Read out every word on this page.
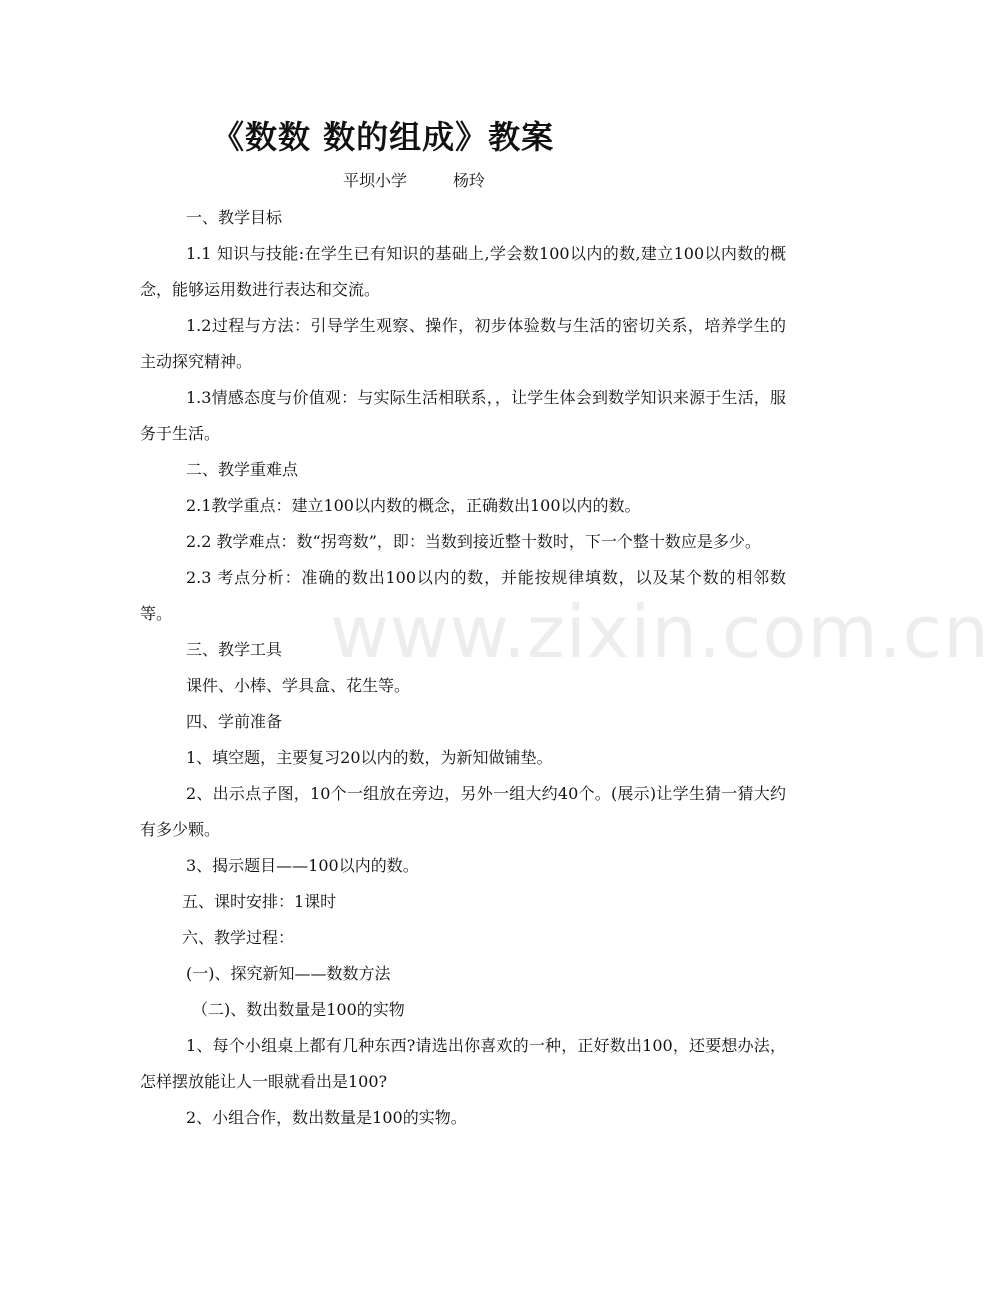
www.zixin.com.cn
《数数 数的组成》教案
平坝小学	杨玲

一、教学目标

1.1 知识与技能:在学生已有知识的基础上,学会数100以内的数,建立100以内数的概念，能够运用数进行表达和交流。

1.2过程与方法：引导学生观察、操作，初步体验数与生活的密切关系，培养学生的主动探究精神。

1.3情感态度与价值观：与实际生活相联系，，让学生体会到数学知识来源于生活，服务于生活。

二、教学重难点

2.1教学重点：建立100以内数的概念，正确数出100以内的数。

2.2 教学难点：数“拐弯数”，即：当数到接近整十数时，下一个整十数应是多少。

2.3 考点分析：准确的数出100以内的数，并能按规律填数，以及某个数的相邻数等。

三、教学工具

课件、小棒、学具盒、花生等。

四、学前准备

1、填空题，主要复习20以内的数，为新知做铺垫。

2、出示点子图，10个一组放在旁边，另外一组大约40个。(展示)让学生猜一猜大约有多少颗。

3、揭示题目——100以内的数。

五、课时安排：1课时

六、教学过程：

(一)、探究新知——数数方法

（二)、数出数量是100的实物

1、每个小组桌上都有几种东西?请选出你喜欢的一种，正好数出100，还要想办法，怎样摆放能让人一眼就看出是100?

2、小组合作，数出数量是100的实物。
